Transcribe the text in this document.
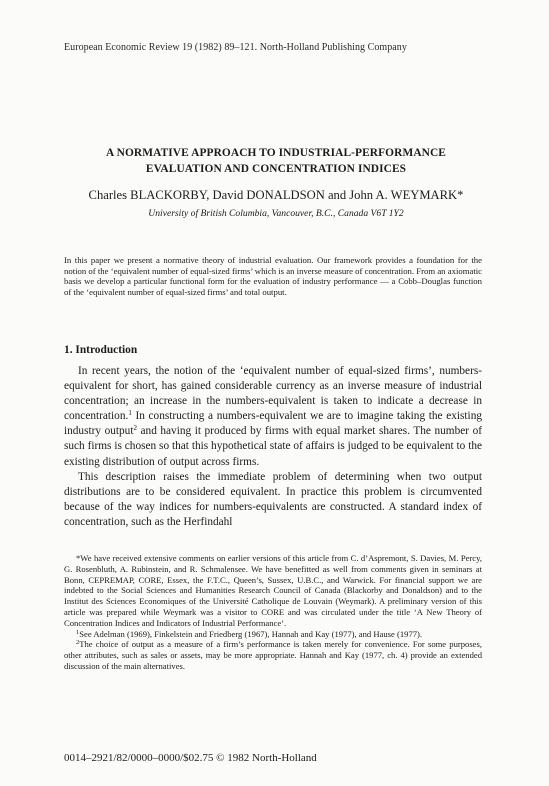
European Economic Review 19 (1982) 89–121. North-Holland Publishing Company
A NORMATIVE APPROACH TO INDUSTRIAL-PERFORMANCE
EVALUATION AND CONCENTRATION INDICES
Charles BLACKORBY, David DONALDSON and John A. WEYMARK*
University of British Columbia, Vancouver, B.C., Canada V6T 1Y2
In this paper we present a normative theory of industrial evaluation. Our framework provides a foundation for the notion of the ‘equivalent number of equal-sized firms’ which is an inverse measure of concentration. From an axiomatic basis we develop a particular functional form for the evaluation of industry performance — a Cobb–Douglas function of the ‘equivalent number of equal-sized firms’ and total output.
1. Introduction

In recent years, the notion of the ‘equivalent number of equal-sized firms’, numbers-equivalent for short, has gained considerable currency as an inverse measure of industrial concentration; an increase in the numbers-equivalent is taken to indicate a decrease in concentration.$^1$ In constructing a numbers-equivalent we are to imagine taking the existing industry output$^2$ and having it produced by firms with equal market shares. The number of such firms is chosen so that this hypothetical state of affairs is judged to be equivalent to the existing distribution of output across firms.

This description raises the immediate problem of determining when two output distributions are to be considered equivalent. In practice this problem is circumvented because of the way indices for numbers-equivalents are constructed. A standard index of concentration, such as the Herfindahl

*We have received extensive comments on earlier versions of this article from C. d’Aspremont, S. Davies, M. Percy, G. Rosenbluth, A. Rubinstein, and R. Schmalensee. We have benefitted as well from comments given in seminars at Bonn, CEPREMAP, CORE, Essex, the F.T.C., Queen’s, Sussex, U.B.C., and Warwick. For financial support we are indebted to the Social Sciences and Humanities Research Council of Canada (Blackorby and Donaldson) and to the Institut des Sciences Economiques of the Université Catholique de Louvain (Weymark). A preliminary version of this article was prepared while Weymark was a visitor to CORE and was circulated under the title ‘A New Theory of Concentration Indices and Indicators of Industrial Performance’.

$^1$See Adelman (1969), Finkelstein and Friedberg (1967), Hannah and Kay (1977), and Hause (1977).

$^2$The choice of output as a measure of a firm’s performance is taken merely for convenience. For some purposes, other attributes, such as sales or assets, may be more appropriate. Hannah and Kay (1977, ch. 4) provide an extended discussion of the main alternatives.

0014–2921/82/0000–0000/$02.75 © 1982 North-Holland
